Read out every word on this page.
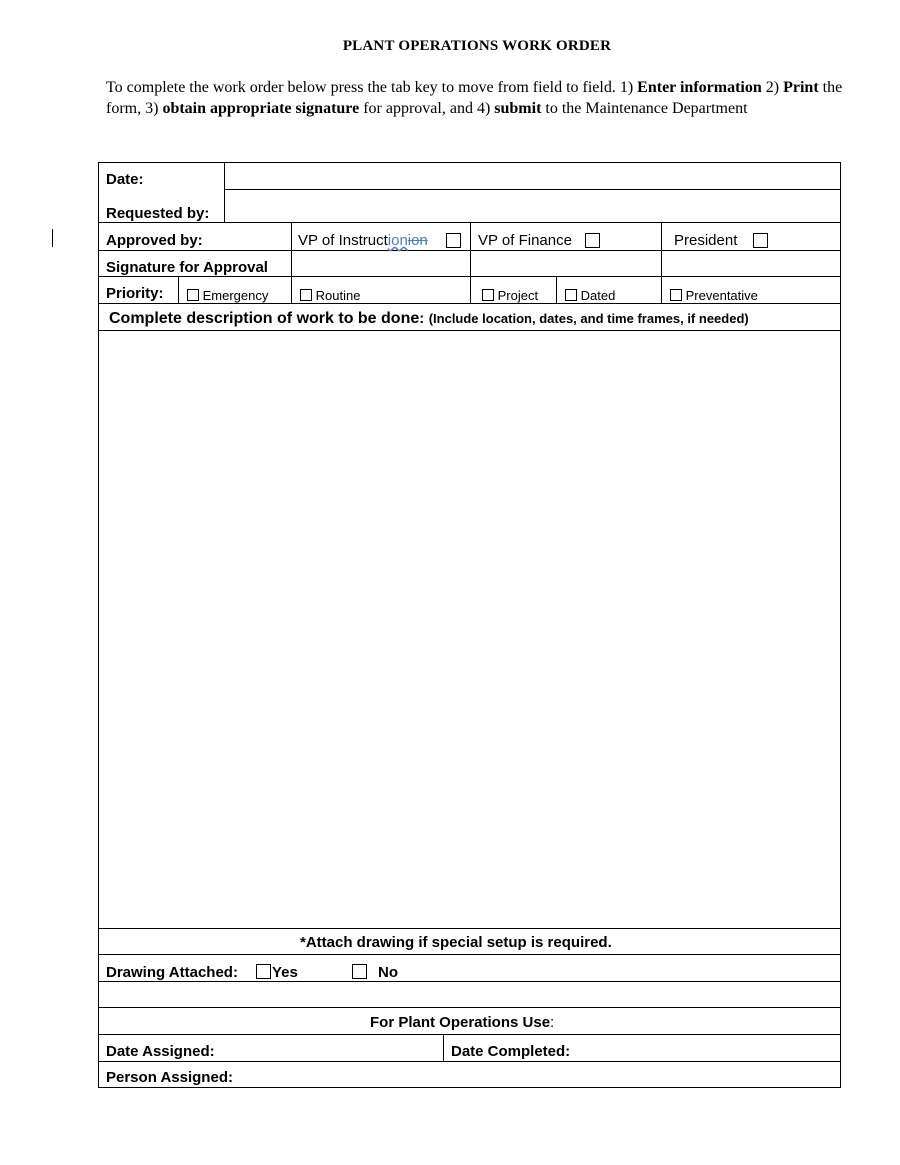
PLANT OPERATIONS WORK ORDER
To complete the work order below press the tab key to move from field to field. 1) Enter information 2) Print the form, 3) obtain appropriate signature for approval, and 4) submit to the Maintenance Department
Date:
Requested by:
Approved by:	VP of Instructionion	VP of Finance	President
Signature for Approval
Priority:	Emergency	Routine	Project	Dated	Preventative
Complete description of work to be done: (Include location, dates, and time frames, if needed)
*Attach drawing if special setup is required.
Drawing Attached: Yes	No
For Plant Operations Use:
Date Assigned:	Date Completed:
Person Assigned:
